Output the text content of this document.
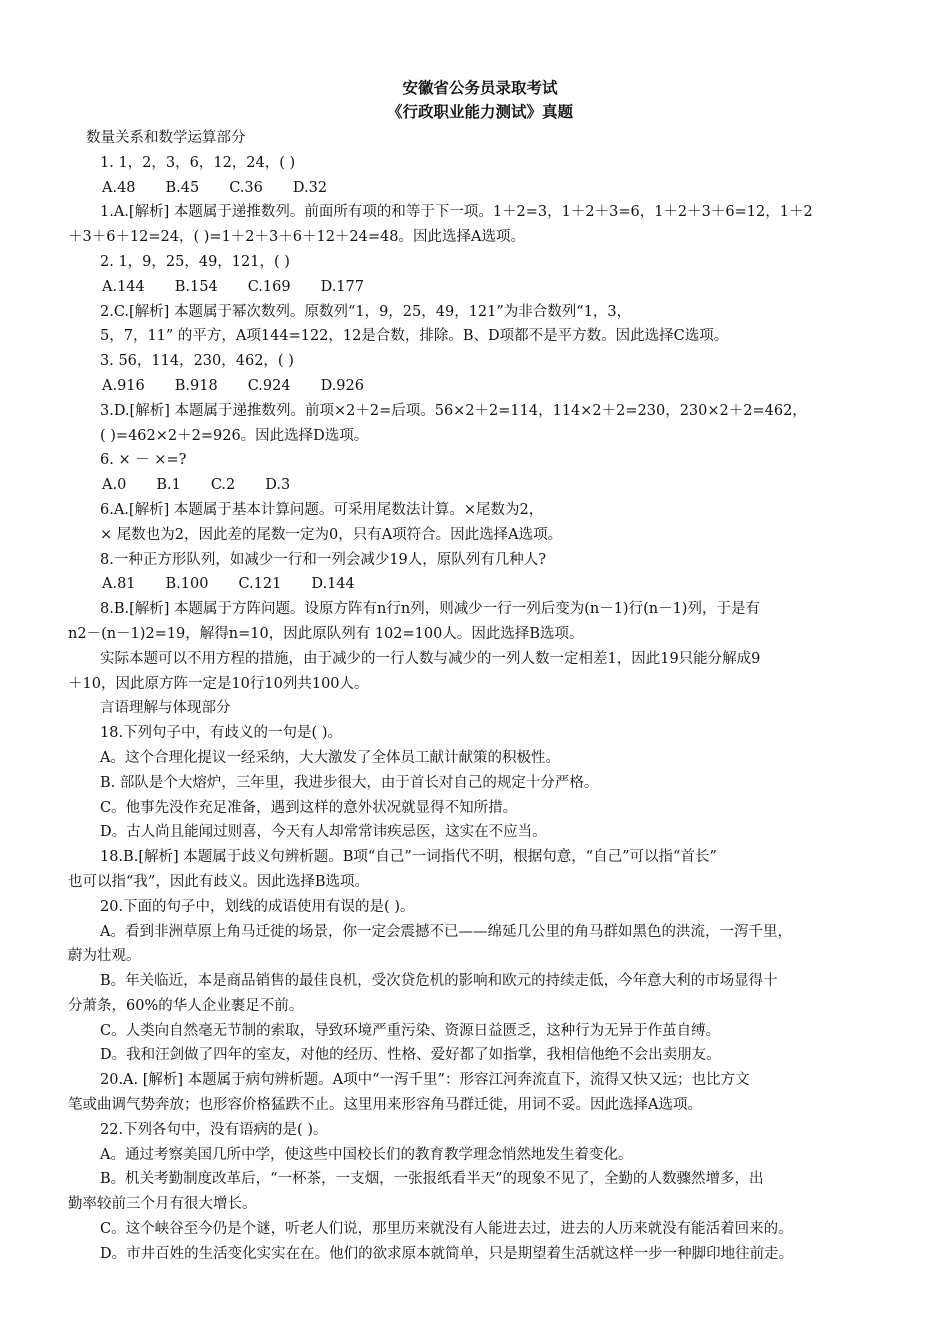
安徽省公务员录取考试
《行政职业能力测试》真题

数量关系和数学运算部分

1. 1，2，3，6，12，24，( )

A.48 B.45 C.36 D.32

1.A.[解析] 本题属于递推数列。前面所有项的和等于下一项。1＋2=3，1＋2＋3=6，1＋2＋3＋6=12，1＋2

＋3＋6＋12=24，( )=1＋2＋3＋6＋12＋24=48。因此选择A选项。

2. 1，9，25，49，121，( )

A.144 B.154 C.169 D.177

2.C.[解析] 本题属于幂次数列。原数列“1，9，25，49，121”为非合数列“1，3，

5，7，11” 的平方，A项144=122，12是合数，排除。B、D项都不是平方数。因此选择C选项。

3. 56，114，230，462，( )

A.916 B.918 C.924 D.926

3.D.[解析] 本题属于递推数列。前项×2＋2=后项。56×2＋2=114，114×2＋2=230，230×2＋2=462，

( )=462×2＋2=926。因此选择D选项。

6. × － ×=?

A.0 B.1 C.2 D.3

6.A.[解析] 本题属于基本计算问题。可采用尾数法计算。×尾数为2，

× 尾数也为2，因此差的尾数一定为0，只有A项符合。因此选择A选项。

8.一种正方形队列，如减少一行和一列会减少19人，原队列有几种人?

A.81 B.100 C.121 D.144

8.B.[解析] 本题属于方阵问题。设原方阵有n行n列，则减少一行一列后变为(n－1)行(n－1)列，于是有

n2－(n－1)2=19，解得n=10，因此原队列有 102=100人。因此选择B选项。

实际本题可以不用方程的措施，由于减少的一行人数与减少的一列人数一定相差1，因此19只能分解成9

＋10，因此原方阵一定是10行10列共100人。

言语理解与体现部分

18.下列句子中，有歧义的一句是( )。

A。这个合理化提议一经采纳，大大激发了全体员工献计献策的积极性。

B. 部队是个大熔炉，三年里，我进步很大，由于首长对自己的规定十分严格。

C。他事先没作充足准备，遇到这样的意外状况就显得不知所措。

D。古人尚且能闻过则喜，今天有人却常常讳疾忌医，这实在不应当。

18.B.[解析] 本题属于歧义句辨析题。B项“自己”一词指代不明，根据句意，“自己”可以指“首长”

也可以指“我”，因此有歧义。因此选择B选项。

20.下面的句子中，划线的成语使用有误的是( )。

A。看到非洲草原上角马迁徙的场景，你一定会震撼不已——绵延几公里的角马群如黑色的洪流，一泻千里，

蔚为壮观。

B。年关临近，本是商品销售的最佳良机，受次贷危机的影响和欧元的持续走低，今年意大利的市场显得十

分萧条，60%的华人企业裹足不前。

C。人类向自然毫无节制的索取，导致环境严重污染、资源日益匮乏，这种行为无异于作茧自缚。

D。我和汪剑做了四年的室友，对他的经历、性格、爱好都了如指掌，我相信他绝不会出卖朋友。

20.A. [解析] 本题属于病句辨析题。A项中“一泻千里”：形容江河奔流直下，流得又快又远；也比方文

笔或曲调气势奔放；也形容价格猛跌不止。这里用来形容角马群迁徙，用词不妥。因此选择A选项。

22.下列各句中，没有语病的是( )。

A。通过考察美国几所中学，使这些中国校长们的教育教学理念悄然地发生着变化。

B。机关考勤制度改革后，“一杯茶，一支烟，一张报纸看半天”的现象不见了，全勤的人数骤然增多，出

勤率较前三个月有很大增长。

C。这个峡谷至今仍是个谜，听老人们说，那里历来就没有人能进去过，进去的人历来就没有能活着回来的。

D。市井百姓的生活变化实实在在。他们的欲求原本就简单，只是期望着生活就这样一步一种脚印地往前走。
